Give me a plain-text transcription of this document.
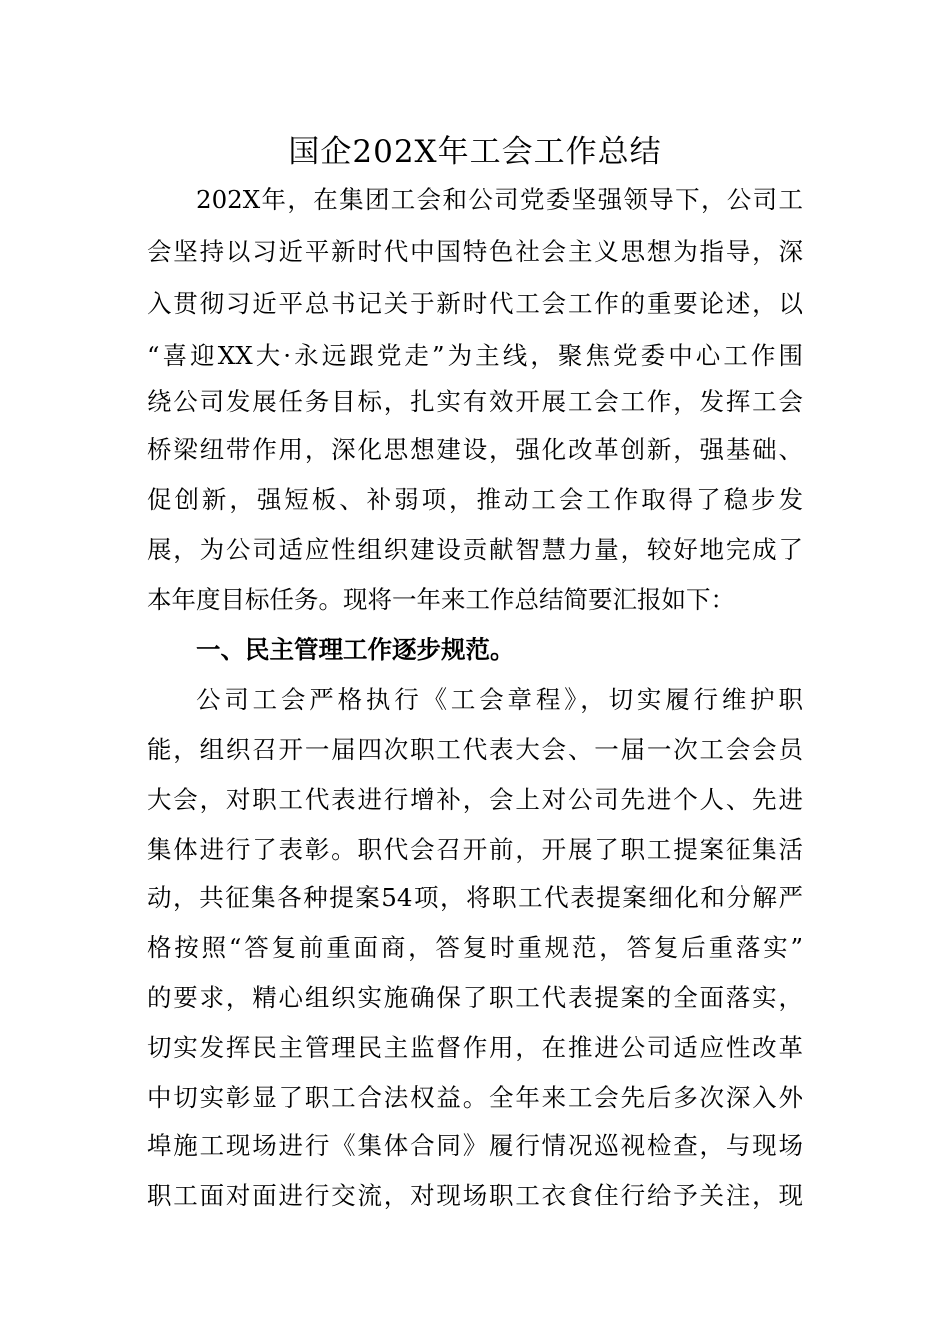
国企202X年工会工作总结
202X年，在集团工会和公司党委坚强领导下，公司工
会坚持以习近平新时代中国特色社会主义思想为指导，深
入贯彻习近平总书记关于新时代工会工作的重要论述，以
“喜迎XX大·永远跟党走”为主线，聚焦党委中心工作围
绕公司发展任务目标，扎实有效开展工会工作，发挥工会
桥梁纽带作用，深化思想建设，强化改革创新，强基础、
促创新，强短板、补弱项，推动工会工作取得了稳步发
展，为公司适应性组织建设贡献智慧力量，较好地完成了
本年度目标任务。现将一年来工作总结简要汇报如下：
一、民主管理工作逐步规范。
公司工会严格执行《工会章程》，切实履行维护职
能，组织召开一届四次职工代表大会、一届一次工会会员
大会，对职工代表进行增补，会上对公司先进个人、先进
集体进行了表彰。职代会召开前，开展了职工提案征集活
动，共征集各种提案54项，将职工代表提案细化和分解严
格按照“答复前重面商，答复时重规范，答复后重落实”
的要求，精心组织实施确保了职工代表提案的全面落实，
切实发挥民主管理民主监督作用，在推进公司适应性改革
中切实彰显了职工合法权益。全年来工会先后多次深入外
埠施工现场进行《集体合同》履行情况巡视检查，与现场
职工面对面进行交流，对现场职工衣食住行给予关注，现
